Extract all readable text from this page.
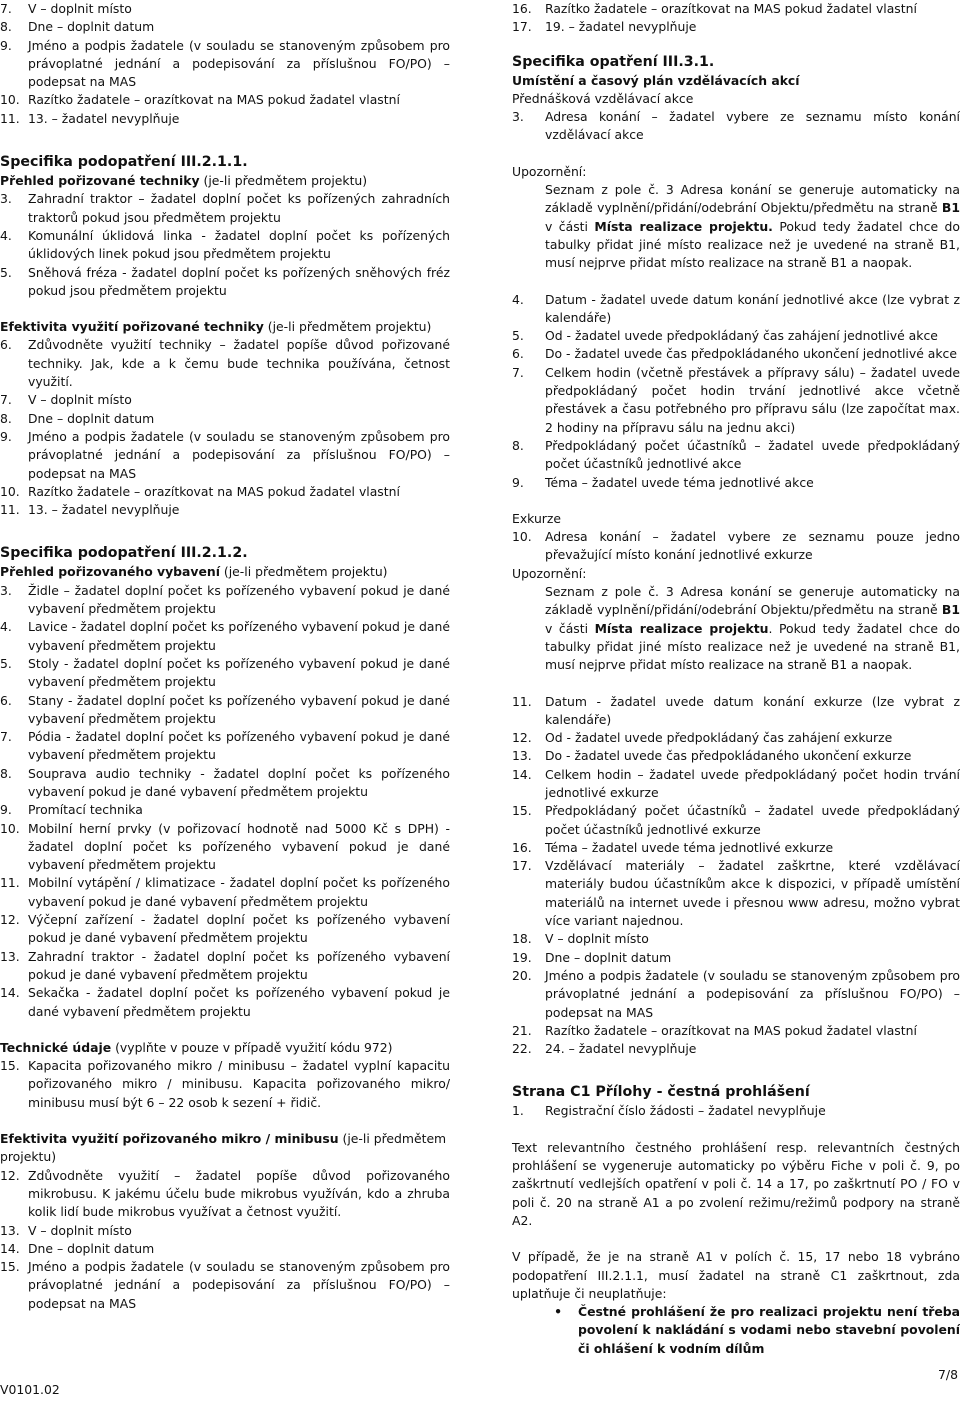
7.	V – doplnit místo
8.	Dne – doplnit datum
9.	Jméno a podpis žadatele (v souladu se stanoveným způsobem pro právoplatné jednání a podepisování za příslušnou FO/PO) – podepsat na MAS
10. Razítko žadatele – orazítkovat na MAS pokud žadatel vlastní
11. 13. – žadatel nevyplňuje
Specifika podopatření III.2.1.1.
Přehled pořizované techniky (je-li předmětem projektu)
3.	Zahradní traktor – žadatel doplní počet ks pořízených zahradních traktorů pokud jsou předmětem projektu
4.	Komunální úklidová linka - žadatel doplní počet ks pořízených úklidových linek pokud jsou předmětem projektu
5.	Sněhová fréza - žadatel doplní počet ks pořízených sněhových fréz pokud jsou předmětem projektu
Efektivita využití pořizované techniky (je-li předmětem projektu)
6.	Zdůvodněte využití techniky – žadatel popíše důvod pořizované techniky. Jak, kde a k čemu bude technika používána, četnost využití.
7.	V – doplnit místo
8.	Dne – doplnit datum
9.	Jméno a podpis žadatele (v souladu se stanoveným způsobem pro právoplatné jednání a podepisování za příslušnou FO/PO) – podepsat na MAS
10. Razítko žadatele – orazítkovat na MAS pokud žadatel vlastní
11. 13. – žadatel nevyplňuje
Specifika podopatření III.2.1.2.
Přehled pořizovaného vybavení (je-li předmětem projektu)
3.	Židle – žadatel doplní počet ks pořízeného vybavení pokud je dané vybavení předmětem projektu
4.	Lavice - žadatel doplní počet ks pořízeného vybavení pokud je dané vybavení předmětem projektu
5.	Stoly - žadatel doplní počet ks pořízeného vybavení pokud je dané vybavení předmětem projektu
6.	Stany - žadatel doplní počet ks pořízeného vybavení pokud je dané vybavení předmětem projektu
7.	Pódia - žadatel doplní počet ks pořízeného vybavení pokud je dané vybavení předmětem projektu
8.	Souprava audio techniky - žadatel doplní počet ks pořízeného vybavení pokud je dané vybavení předmětem projektu
9.	Promítací technika
10. Mobilní herní prvky (v pořizovací hodnotě nad 5000 Kč s DPH) - žadatel doplní počet ks pořízeného vybavení pokud je dané vybavení předmětem projektu
11. Mobilní vytápění / klimatizace - žadatel doplní počet ks pořízeného vybavení pokud je dané vybavení předmětem projektu
12. Výčepní zařízení - žadatel doplní počet ks pořízeného vybavení pokud je dané vybavení předmětem projektu
13. Zahradní traktor - žadatel doplní počet ks pořízeného vybavení pokud je dané vybavení předmětem projektu
14. Sekačka - žadatel doplní počet ks pořízeného vybavení pokud je dané vybavení předmětem projektu
Technické údaje (vyplňte v pouze v případě využití kódu 972)
15. Kapacita pořizovaného mikro / minibusu – žadatel vyplní kapacitu pořizovaného mikro / minibusu. Kapacita pořizovaného mikro/ minibusu musí být 6 – 22 osob k sezení + řidič.
Efektivita využití pořizovaného mikro / minibusu (je-li předmětem projektu)
12. Zdůvodněte využití – žadatel popíše důvod pořizovaného mikrobusu. K jakému účelu bude mikrobus využíván, kdo a zhruba kolik lidí bude mikrobus využívat a četnost využití.
13. V – doplnit místo
14. Dne – doplnit datum
15. Jméno a podpis žadatele (v souladu se stanoveným způsobem pro právoplatné jednání a podepisování za příslušnou FO/PO) – podepsat na MAS
16.	Razítko žadatele – orazítkovat na MAS pokud žadatel vlastní
17.	19. – žadatel nevyplňuje
Specifika opatření III.3.1.
Umístění a časový plán vzdělávacích akcí
Přednášková vzdělávací akce
3.	Adresa konání – žadatel vybere ze seznamu místo konání vzdělávací akce
Upozornění:
Seznam z pole č. 3 Adresa konání se generuje automaticky na základě vyplnění/přidání/odebrání Objektu/předmětu na straně B1 v části Místa realizace projektu. Pokud tedy žadatel chce do tabulky přidat jiné místo realizace než je uvedené na straně B1, musí nejprve přidat místo realizace na straně B1 a naopak.
4.	Datum - žadatel uvede datum konání jednotlivé akce (lze vybrat z kalendáře)
5.	Od - žadatel uvede předpokládaný čas zahájení jednotlivé akce
6.	Do - žadatel uvede čas předpokládaného ukončení jednotlivé akce
7.	Celkem hodin (včetně přestávek a přípravy sálu) – žadatel uvede předpokládaný počet hodin trvání jednotlivé akce včetně přestávek a času potřebného pro přípravu sálu (lze započítat max. 2 hodiny na přípravu sálu na jednu akci)
8.	Předpokládaný počet účastníků – žadatel uvede předpokládaný počet účastníků jednotlivé akce
9.	Téma – žadatel uvede téma jednotlivé akce
Exkurze
10.	Adresa konání – žadatel vybere ze seznamu pouze jedno převažující místo konání jednotlivé exkurze
Upozornění:
Seznam z pole č. 3 Adresa konání se generuje automaticky na základě vyplnění/přidání/odebrání Objektu/předmětu na straně B1 v části Místa realizace projektu. Pokud tedy žadatel chce do tabulky přidat jiné místo realizace než je uvedené na straně B1, musí nejprve přidat místo realizace na straně B1 a naopak.
11.	Datum - žadatel uvede datum konání exkurze (lze vybrat z kalendáře)
12.	Od - žadatel uvede předpokládaný čas zahájení exkurze
13.	Do - žadatel uvede čas předpokládaného ukončení exkurze
14.	Celkem hodin – žadatel uvede předpokládaný počet hodin trvání jednotlivé exkurze
15.	Předpokládaný počet účastníků – žadatel uvede předpokládaný počet účastníků jednotlivé exkurze
16.	Téma – žadatel uvede téma jednotlivé exkurze
17.	Vzdělávací materiály – žadatel zaškrtne, které vzdělávací materiály budou účastníkům akce k dispozici, v případě umístění materiálů na internet uvede i přesnou www adresu, možno vybrat více variant najednou.
18.	V – doplnit místo
19.	Dne – doplnit datum
20.	Jméno a podpis žadatele (v souladu se stanoveným způsobem pro právoplatné jednání a podepisování za příslušnou FO/PO) – podepsat na MAS
21.	Razítko žadatele – orazítkovat na MAS pokud žadatel vlastní
22.	24. – žadatel nevyplňuje
Strana C1 Přílohy - čestná prohlášení
1.	Registrační číslo žádosti – žadatel nevyplňuje
Text relevantního čestného prohlášení resp. relevantních čestných prohlášení se vygeneruje automaticky po výběru Fiche v poli č. 9, po zaškrtnutí vedlejších opatření v poli č. 14 a 17, po zaškrtnutí PO / FO v poli č. 20 na straně A1 a po zvolení režimu/režimů podpory na straně A2.
V případě, že je na straně A1 v polích č. 15, 17 nebo 18 vybráno podopatření III.2.1.1, musí žadatel na straně C1 zaškrtnout, zda uplatňuje či neuplatňuje:
•	Čestné prohlášení že pro realizaci projektu není třeba povolení k nakládání s vodami nebo stavební povolení či ohlášení k vodním dílům
V0101.02
7/8
